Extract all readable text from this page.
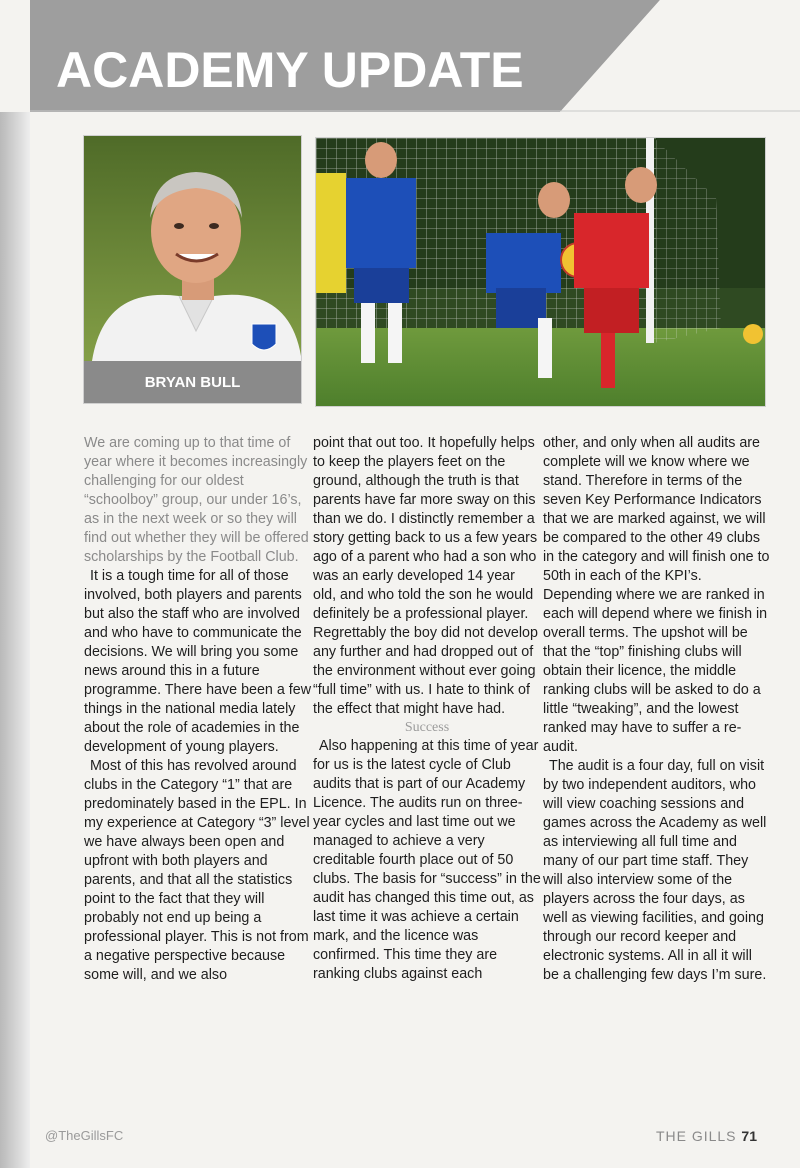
ACADEMY UPDATE
BRYAN BULL

We are coming up to that time of year where it becomes increasingly challenging for our oldest “schoolboy” group, our under 16’s, as in the next week or so they will find out whether they will be offered scholarships by the Football Club.

It is a tough time for all of those involved, both players and parents but also the staff who are involved and who have to communicate the decisions. We will bring you some news around this in a future programme. There have been a few things in the national media lately about the role of academies in the development of young players.

Most of this has revolved around clubs in the Category “1” that are predominately based in the EPL. In my experience at Category “3” level we have always been open and upfront with both players and parents, and that all the statistics point to the fact that they will probably not end up being a professional player. This is not from a negative perspective because some will, and we also

point that out too. It hopefully helps to keep the players feet on the ground, although the truth is that parents have far more sway on this than we do. I distinctly remember a story getting back to us a few years ago of a parent who had a son who was an early developed 14 year old, and who told the son he would definitely be a professional player. Regrettably the boy did not develop any further and had dropped out of the environment without ever going “full time” with us. I hate to think of the effect that might have had.

Success

Also happening at this time of year for us is the latest cycle of Club audits that is part of our Academy Licence. The audits run on three-year cycles and last time out we managed to achieve a very creditable fourth place out of 50 clubs. The basis for “success” in the audit has changed this time out, as last time it was achieve a certain mark, and the licence was confirmed. This time they are ranking clubs against each

other, and only when all audits are complete will we know where we stand. Therefore in terms of the seven Key Performance Indicators that we are marked against, we will be compared to the other 49 clubs in the category and will finish one to 50th in each of the KPI’s. Depending where we are ranked in each will depend where we finish in overall terms. The upshot will be that the “top” finishing clubs will obtain their licence, the middle ranking clubs will be asked to do a little “tweaking”, and the lowest ranked may have to suffer a re-audit.

The audit is a four day, full on visit by two independent auditors, who will view coaching sessions and games across the Academy as well as interviewing all full time and many of our part time staff. They will also interview some of the players across the four days, as well as viewing facilities, and going through our record keeper and electronic systems. All in all it will be a challenging few days I’m sure.

@TheGillsFC	THE GILLS 71
